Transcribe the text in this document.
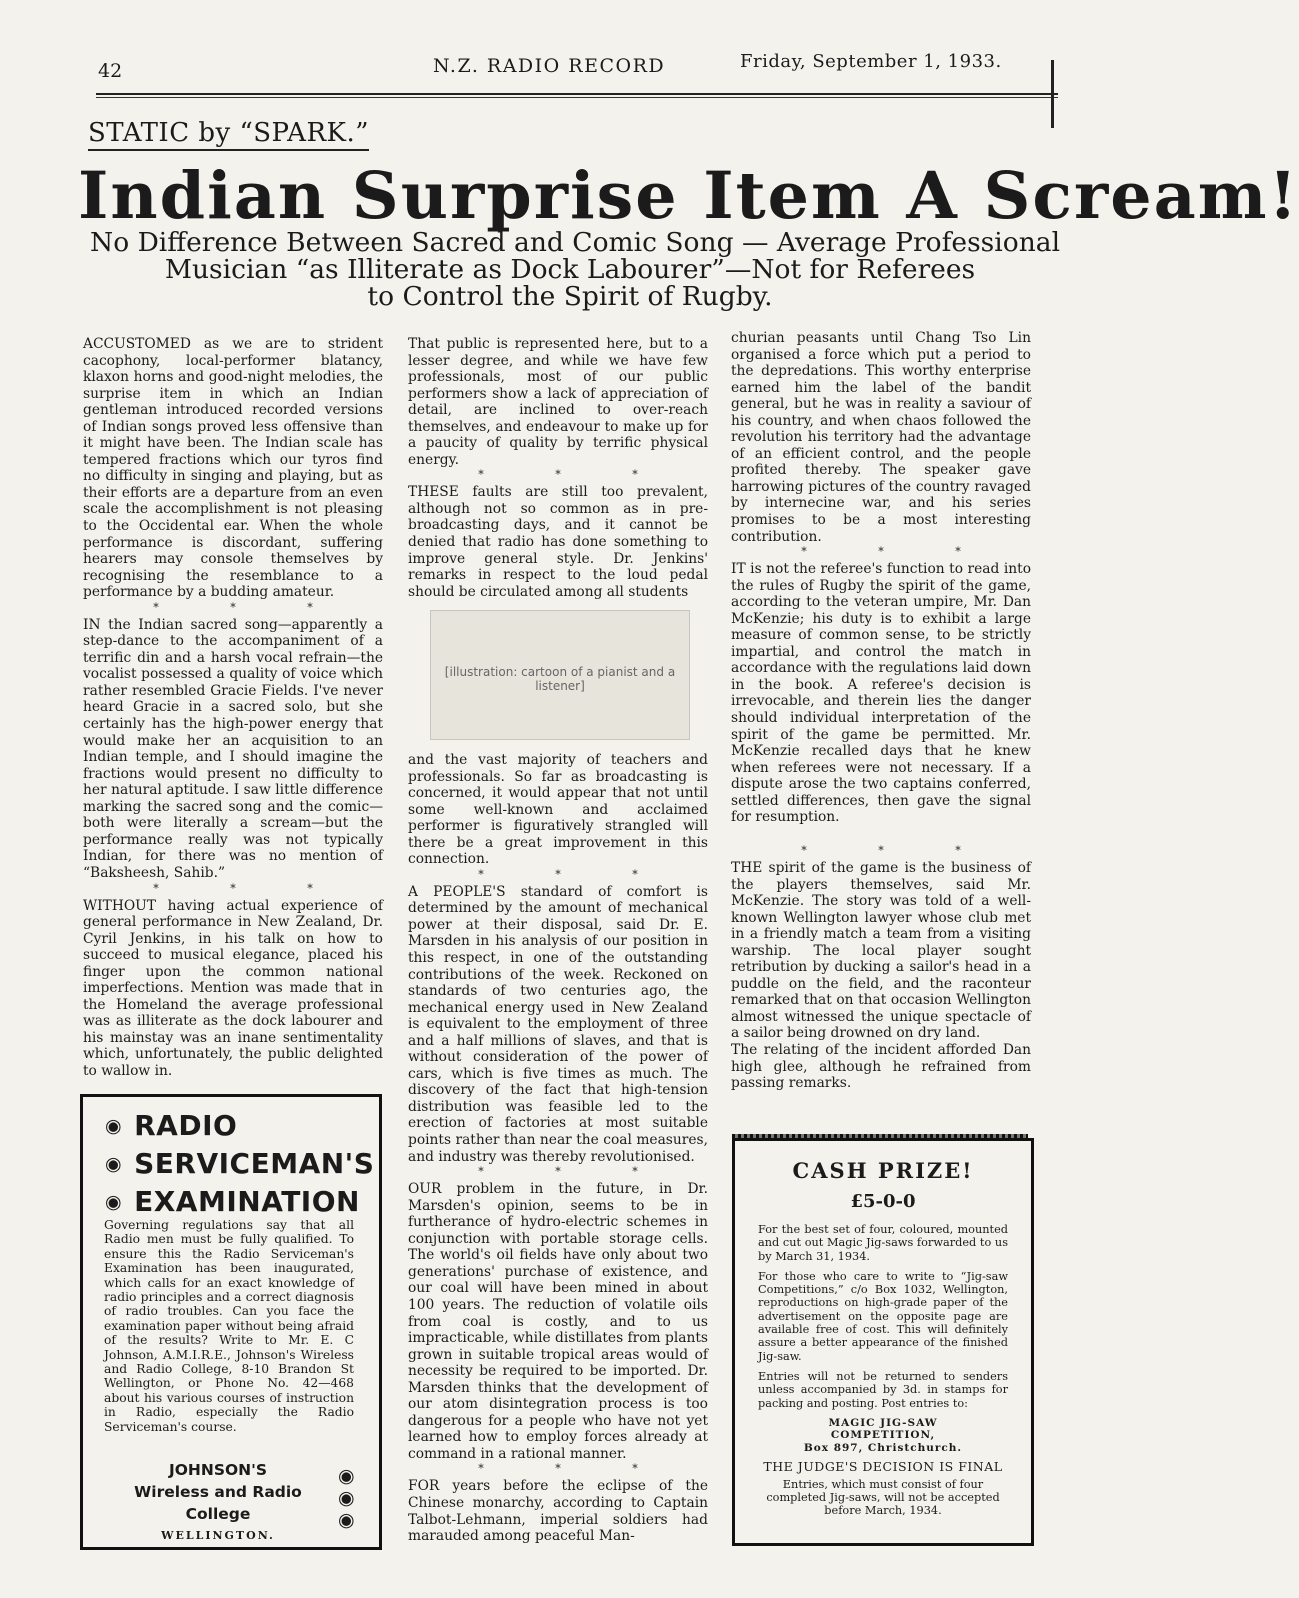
42	N.Z. RADIO RECORD	Friday, September 1, 1933.
STATIC by “SPARK.”
Indian Surprise Item A Scream!
No Difference Between Sacred and Comic Song — Average Professional
Musician “as Illiterate as Dock Labourer”—Not for Referees
to Control the Spirit of Rugby.

ACCUSTOMED as we are to strident cacophony, local-performer blatancy, klaxon horns and good-night melodies, the surprise item in which an Indian gentleman introduced recorded versions of Indian songs proved less offensive than it might have been. The Indian scale has tempered fractions which our tyros find no difficulty in singing and playing, but as their efforts are a departure from an even scale the accomplishment is not pleasing to the Occidental ear. When the whole performance is discordant, suffering hearers may console themselves by recognising the resemblance to a performance by a budding amateur.

* * *

IN the Indian sacred song—apparently a step-dance to the accompaniment of a terrific din and a harsh vocal refrain—the vocalist possessed a quality of voice which rather resembled Gracie Fields. I've never heard Gracie in a sacred solo, but she certainly has the high-power energy that would make her an acquisition to an Indian temple, and I should imagine the fractions would present no difficulty to her natural aptitude. I saw little difference marking the sacred song and the comic—both were literally a scream—but the performance really was not typically Indian, for there was no mention of “Baksheesh, Sahib.”

* * *

WITHOUT having actual experience of general performance in New Zealand, Dr. Cyril Jenkins, in his talk on how to succeed to musical elegance, placed his finger upon the common national imperfections. Mention was made that in the Homeland the average professional was as illiterate as the dock labourer and his mainstay was an inane sentimentality which, unfortunately, the public delighted to wallow in.

That public is represented here, but to a lesser degree, and while we have few professionals, most of our public performers show a lack of appreciation of detail, are inclined to over-reach themselves, and endeavour to make up for a paucity of quality by terrific physical energy.

* * *

THESE faults are still too prevalent, although not so common as in pre-broadcasting days, and it cannot be denied that radio has done something to improve general style. Dr. Jenkins' remarks in respect to the loud pedal should be circulated among all students

[illustration: cartoon of a pianist and a listener]

and the vast majority of teachers and professionals. So far as broadcasting is concerned, it would appear that not until some well-known and acclaimed performer is figuratively strangled will there be a great improvement in this connection.

* * *

A PEOPLE'S standard of comfort is determined by the amount of mechanical power at their disposal, said Dr. E. Marsden in his analysis of our position in this respect, in one of the outstanding contributions of the week. Reckoned on standards of two centuries ago, the mechanical energy used in New Zealand is equivalent to the employment of three and a half millions of slaves, and that is without consideration of the power of cars, which is five times as much. The discovery of the fact that high-tension distribution was feasible led to the erection of factories at most suitable points rather than near the coal measures, and industry was thereby revolutionised.

* * *

OUR problem in the future, in Dr. Marsden's opinion, seems to be in furtherance of hydro-electric schemes in conjunction with portable storage cells. The world's oil fields have only about two generations' purchase of existence, and our coal will have been mined in about 100 years. The reduction of volatile oils from coal is costly, and to us impracticable, while distillates from plants grown in suitable tropical areas would of necessity be required to be imported. Dr. Marsden thinks that the development of our atom disintegration process is too dangerous for a people who have not yet learned how to employ forces already at command in a rational manner.

* * *

FOR years before the eclipse of the Chinese monarchy, according to Captain Talbot-Lehmann, imperial soldiers had marauded among peaceful Man-

churian peasants until Chang Tso Lin organised a force which put a period to the depredations. This worthy enterprise earned him the label of the bandit general, but he was in reality a saviour of his country, and when chaos followed the revolution his territory had the advantage of an efficient control, and the people profited thereby. The speaker gave harrowing pictures of the country ravaged by internecine war, and his series promises to be a most interesting contribution.

* * *

IT is not the referee's function to read into the rules of Rugby the spirit of the game, according to the veteran umpire, Mr. Dan McKenzie; his duty is to exhibit a large measure of common sense, to be strictly impartial, and control the match in accordance with the regulations laid down in the book. A referee's decision is irrevocable, and therein lies the danger should individual interpretation of the spirit of the game be permitted. Mr. McKenzie recalled days that he knew when referees were not necessary. If a dispute arose the two captains conferred, settled differences, then gave the signal for resumption.

* * *

THE spirit of the game is the business of the players themselves, said Mr. McKenzie. The story was told of a well-known Wellington lawyer whose club met in a friendly match a team from a visiting warship. The local player sought retribution by ducking a sailor's head in a puddle on the field, and the raconteur remarked that on that occasion Wellington almost witnessed the unique spectacle of a sailor being drowned on dry land.

The relating of the incident afforded Dan high glee, although he refrained from passing remarks.

◉ RADIO
◉ SERVICEMAN'S
◉ EXAMINATION
Governing regulations say that all Radio men must be fully qualified. To ensure this the Radio Serviceman's Examination has been inaugurated, which calls for an exact knowledge of radio principles and a correct diagnosis of radio troubles. Can you face the examination paper without being afraid of the results? Write to Mr. E. C Johnson, A.M.I.R.E., Johnson's Wireless and Radio College, 8-10 Brandon St Wellington, or Phone No. 42—468 about his various courses of instruction in Radio, especially the Radio Serviceman's course.
JOHNSON'S
Wireless and Radio
College
WELLINGTON.
◉
◉
◉
CASH PRIZE!
£5-0-0

For the best set of four, coloured, mounted and cut out Magic Jig-saws forwarded to us by March 31, 1934.

For those who care to write to “Jig-saw Competitions,” c/o Box 1032, Wellington, reproductions on high-grade paper of the advertisement on the opposite page are available free of cost. This will definitely assure a better appearance of the finished Jig-saw.

Entries will not be returned to senders unless accompanied by 3d. in stamps for packing and posting. Post entries to:

MAGIC JIG-SAW
COMPETITION,
Box 897, Christchurch.
THE JUDGE'S DECISION IS FINAL

Entries, which must consist of four completed Jig-saws, will not be accepted before March, 1934.
